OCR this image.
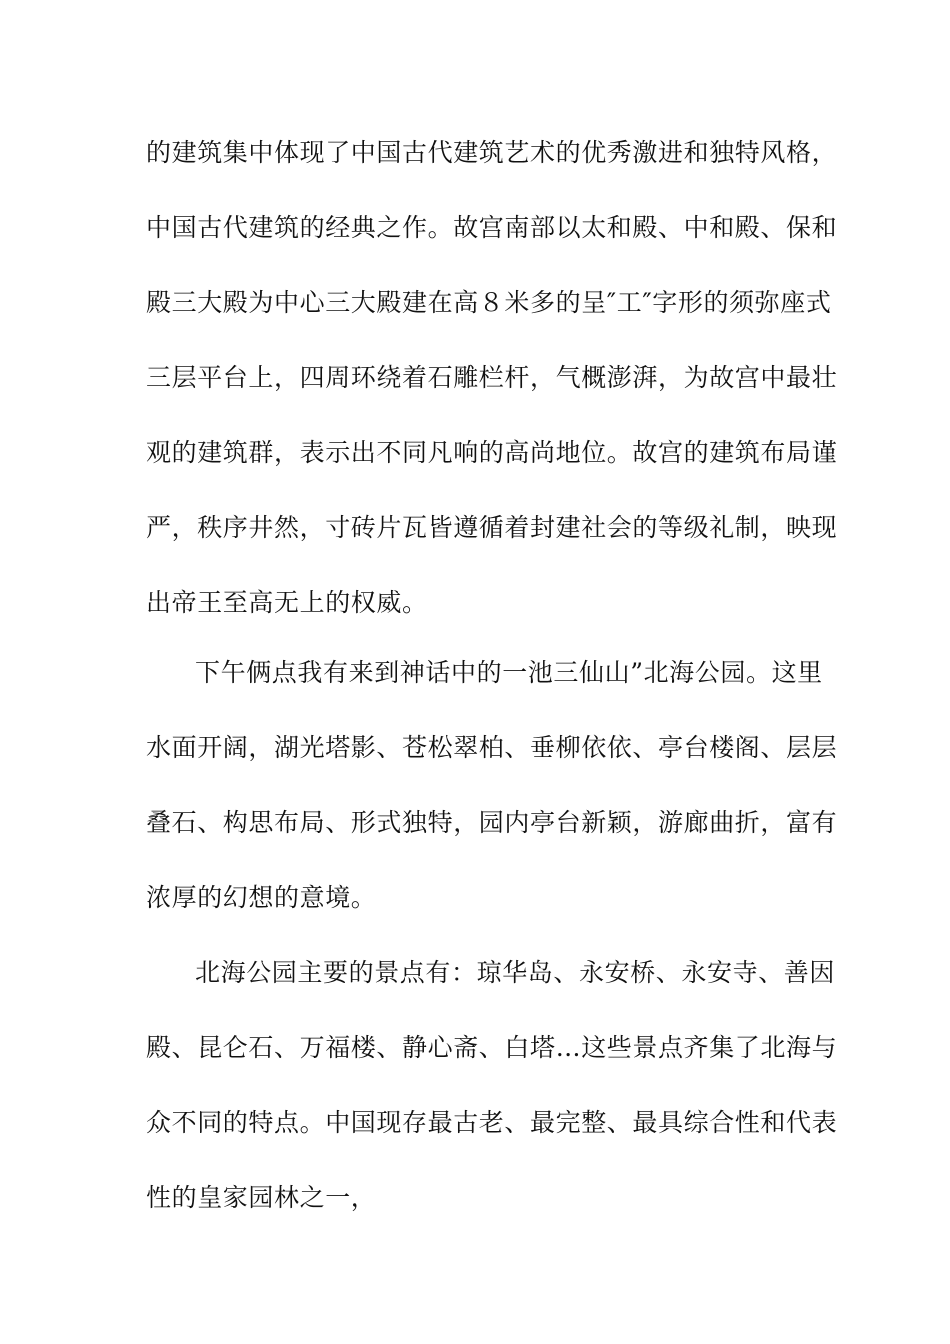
的建筑集中体现了中国古代建筑艺术的优秀激进和独特风格，
中国古代建筑的经典之作。故宫南部以太和殿、中和殿、保和
殿三大殿为中心三大殿建在高８米多的呈″工″字形的须弥座式
三层平台上，四周环绕着石雕栏杆，气概澎湃，为故宫中最壮
观的建筑群，表示出不同凡响的高尚地位。故宫的建筑布局谨
严，秩序井然，寸砖片瓦皆遵循着封建社会的等级礼制，映现
出帝王至高无上的权威。
下午俩点我有来到神话中的一池三仙山”北海公园。这里
水面开阔，湖光塔影、苍松翠柏、垂柳依依、亭台楼阁、层层
叠石、构思布局、形式独特，园内亭台新颖，游廊曲折，富有
浓厚的幻想的意境。
北海公园主要的景点有：琼华岛、永安桥、永安寺、善因
殿、昆仑石、万福楼、静心斋、白塔…这些景点齐集了北海与
众不同的特点。中国现存最古老、最完整、最具综合性和代表
性的皇家园林之一，
